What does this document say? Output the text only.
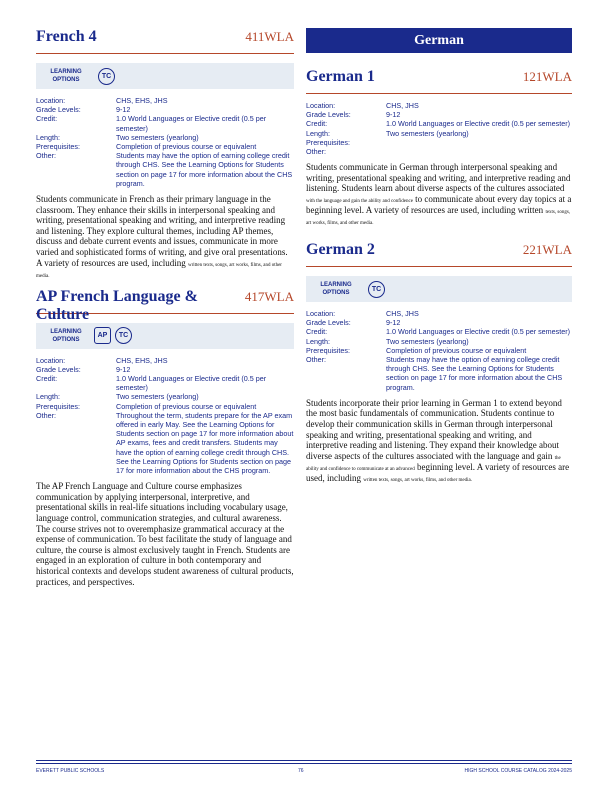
French 4	411WLA
LEARNING OPTIONS
TC
Location:	CHS, EHS, JHS
Grade Levels:	9-12
Credit:	1.0 World Languages or Elective credit (0.5 per semester)
Length:	Two semesters (yearlong)
Prerequisites:	Completion of previous course or equivalent
Other:	Students may have the option of earning college credit through CHS. See the Learning Options for Students section on page 17 for more information about the CHS program.
Students communicate in French as their primary language in the classroom. They enhance their skills in interpersonal speaking and writing, presentational speaking and writing, and interpretive reading and listening. They explore cultural themes, including AP themes, discuss and debate current events and issues, communicate in more varied and sophisticated forms of writing, and give oral presentations. A variety of resources are used, including written texts, songs, art works, films, and other media.
AP French Language & Culture
417WLA
LEARNING OPTIONS
AP	TC
Location:	CHS, EHS, JHS
Grade Levels:	9-12
Credit:	1.0 World Languages or Elective credit (0.5 per semester)
Length:	Two semesters (yearlong)
Prerequisites:	Completion of previous course or equivalent
Other:	Throughout the term, students prepare for the AP exam offered in early May. See the Learning Options for Students section on page 17 for more information about AP exams, fees and credit transfers. Students may have the option of earning college credit through CHS. See the Learning Options for Students section on page 17 for more information about the CHS program.
The AP French Language and Culture course emphasizes communication by applying interpersonal, interpretive, and presentational skills in real-life situations including vocabulary usage, language control, communication strategies, and cultural awareness. The course strives not to overemphasize grammatical accuracy at the expense of communication. To best facilitate the study of language and culture, the course is almost exclusively taught in French. Students are engaged in an exploration of culture in both contemporary and historical contexts and develops student awareness of cultural products, practices, and perspectives.
German
German 1	121WLA
Location:	CHS, JHS
Grade Levels:	9-12
Credit:	1.0 World Languages or Elective credit (0.5 per semester)
Length:	Two semesters (yearlong)
Prerequisites:
Other:
Students communicate in German through interpersonal speaking and writing, presentational speaking and writing, and interpretive reading and listening. Students learn about diverse aspects of the cultures associated with the language and gain the ability and confidence to communicate about every day topics at a beginning level. A variety of resources are used, including written texts, songs, art works, films, and other media.
German 2	221WLA
LEARNING OPTIONS
TC
Location:	CHS, JHS
Grade Levels:	9-12
Credit:	1.0 World Languages or Elective credit (0.5 per semester)
Length:	Two semesters (yearlong)
Prerequisites:	Completion of previous course or equivalent
Other:	Students may have the option of earning college credit through CHS. See the Learning Options for Students section on page 17 for more information about the CHS program.
Students incorporate their prior learning in German 1 to extend beyond the most basic fundamentals of communication. Students continue to develop their communication skills in German through interpersonal speaking and writing, presentational speaking and writing, and interpretive reading and listening. They expand their knowledge about diverse aspects of the cultures associated with the language and gain the ability and confidence to communicate at an advanced beginning level. A variety of resources are used, including written texts, songs, art works, films, and other media.
EVERETT PUBLIC SCHOOLS	76	HIGH SCHOOL COURSE CATALOG 2024-2025
